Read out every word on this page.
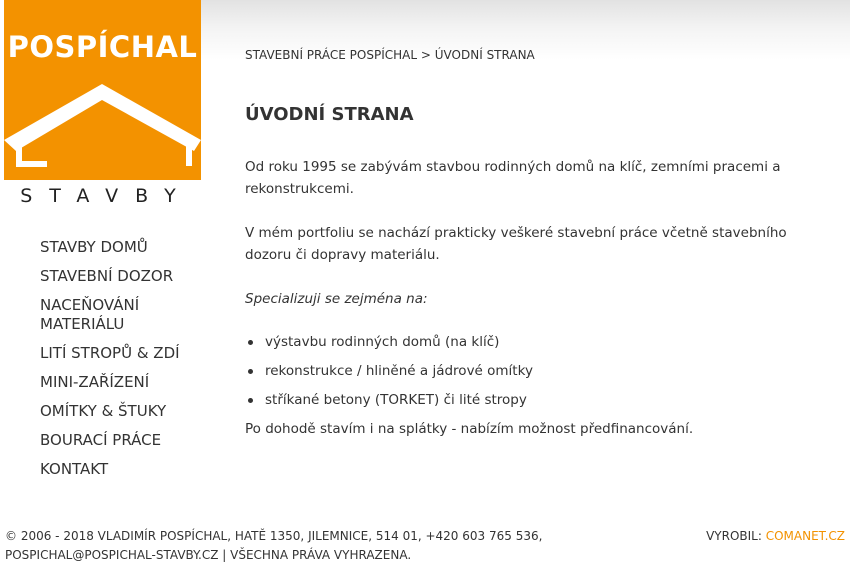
POSPÍCHAL
STAVBY
STAVBY DOMŮ
STAVEBNÍ DOZOR
NACEŇOVÁNÍ MATERIÁLU
LITÍ STROPŮ & ZDÍ
MINI-ZAŘÍZENÍ
OMÍTKY & ŠTUKY
BOURACÍ PRÁCE
KONTAKT
STAVEBNÍ PRÁCE POSPÍCHAL > ÚVODNÍ STRANA
ÚVODNÍ STRANA

Od roku 1995 se zabývám stavbou rodinných domů na klíč, zemními pracemi a rekonstrukcemi.

V mém portfoliu se nachází prakticky veškeré stavební práce včetně stavebního dozoru či dopravy materiálu.

Specializuji se zejména na:

výstavbu rodinných domů (na klíč)
rekonstrukce / hliněné a jádrové omítky
stříkané betony (TORKET) či lité stropy

Po dohodě stavím i na splátky - nabízím možnost předfinancování.

© 2006 - 2018 VLADIMÍR POSPÍCHAL, HATĚ 1350, JILEMNICE, 514 01, +420 603 765 536,
POSPICHAL@POSPICHAL-STAVBY.CZ | VŠECHNA PRÁVA VYHRAZENA.
VYROBIL: COMANET.CZ
